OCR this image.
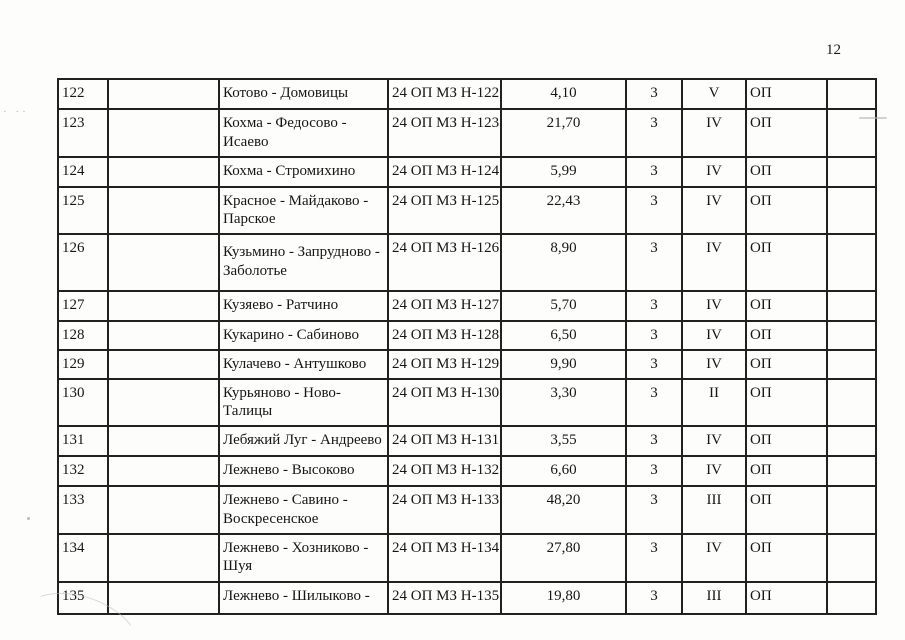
12
122		Котово - Домовицы	24 ОП МЗ Н-122	4,10	3	V	ОП	
123		Кохма - Федосово -
Исаево	24 ОП МЗ Н-123	21,70	3	IV	ОП	
124		Кохма - Стромихино	24 ОП МЗ Н-124	5,99	3	IV	ОП	
125		Красное - Майдаково -
Парское	24 ОП МЗ Н-125	22,43	3	IV	ОП	
126		Кузьмино - Запрудново -
Заболотье	24 ОП МЗ Н-126	8,90	3	IV	ОП	
127		Кузяево - Ратчино	24 ОП МЗ Н-127	5,70	3	IV	ОП	
128		Кукарино - Сабиново	24 ОП МЗ Н-128	6,50	3	IV	ОП	
129		Кулачево - Антушково	24 ОП МЗ Н-129	9,90	3	IV	ОП	
130		Курьяново - Ново-
Талицы	24 ОП МЗ Н-130	3,30	3	II	ОП	
131		Лебяжий Луг - Андреево	24 ОП МЗ Н-131	3,55	3	IV	ОП	
132		Лежнево - Высоково	24 ОП МЗ Н-132	6,60	3	IV	ОП	
133		Лежнево - Савино -
Воскресенское	24 ОП МЗ Н-133	48,20	3	III	ОП	
134		Лежнево - Хозниково -
Шуя	24 ОП МЗ Н-134	27,80	3	IV	ОП	
135		Лежнево - Шилыково -	24 ОП МЗ Н-135	19,80	3	III	ОП	
· ··
